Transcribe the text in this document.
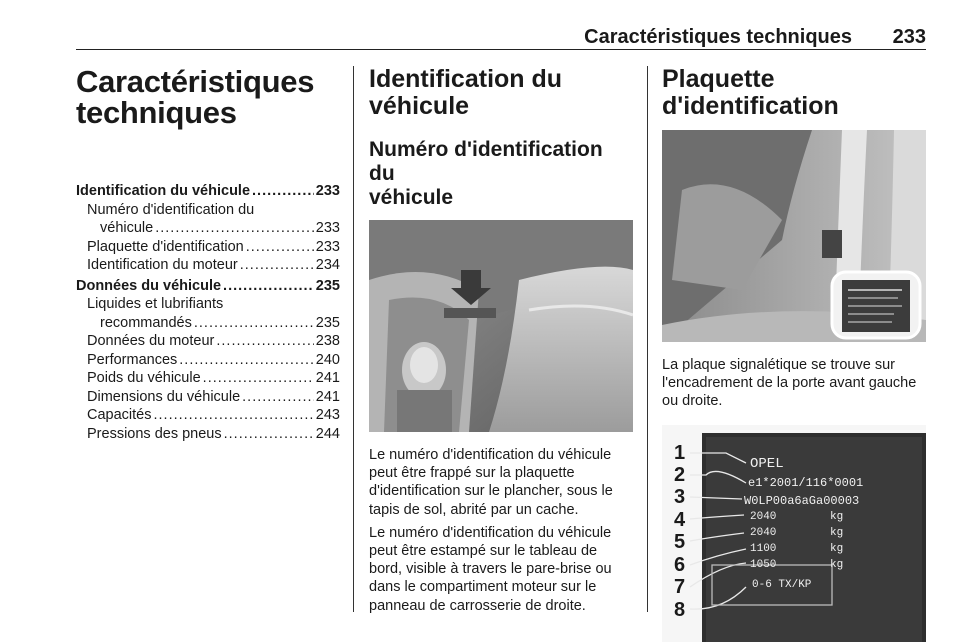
Caractéristiques techniques 233
Caractéristiques
techniques
Identification du véhicule .....	233
Numéro d'identification du
véhicule .....	233
Plaquette d'identification .....	233
Identification du moteur .....	234
Données du véhicule .....	235
Liquides et lubrifiants
recommandés .....	235
Données du moteur .....	238
Performances .....	240
Poids du véhicule .....	241
Dimensions du véhicule .....	241
Capacités .....	243
Pressions des pneus .....	244
Identification du
véhicule
Numéro d'identification du
véhicule

Le numéro d'identification du véhicule peut être frappé sur la plaquette d'identification sur le plancher, sous le tapis de sol, abrité par un cache.

Le numéro d'identification du véhicule peut être estampé sur le tableau de bord, visible à travers le pare-brise ou dans le compartiment moteur sur le panneau de carrosserie de droite.

Plaquette d'identification

La plaque signalétique se trouve sur l'encadrement de la porte avant gauche ou droite.

1
2
3
4
5
6
7
8
OPEL
e1*2001/116*0001
W0LP00a6aGa00003
2040
2040
1100
1050
kg
kg
kg
kg
0-6 TX/KP
